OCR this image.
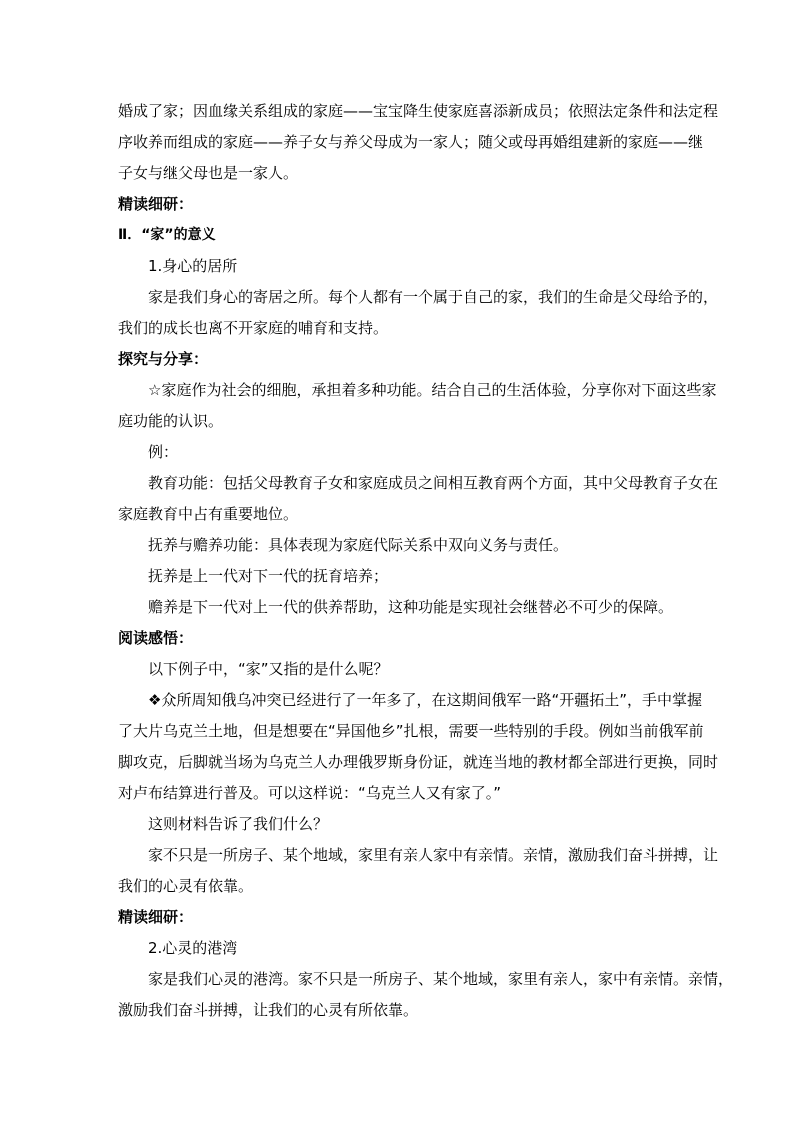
婚成了家；因血缘关系组成的家庭——宝宝降生使家庭喜添新成员；依照法定条件和法定程
序收养而组成的家庭——养子女与养父母成为一家人；随父或母再婚组建新的家庭——继
子女与继父母也是一家人。
精读细研：
Ⅱ．“家”的意义
1.身心的居所
家是我们身心的寄居之所。每个人都有一个属于自己的家，我们的生命是父母给予的，
我们的成长也离不开家庭的哺育和支持。
探究与分享：
☆家庭作为社会的细胞，承担着多种功能。结合自己的生活体验，分享你对下面这些家
庭功能的认识。
例：
教育功能：包括父母教育子女和家庭成员之间相互教育两个方面，其中父母教育子女在
家庭教育中占有重要地位。
抚养与赡养功能：具体表现为家庭代际关系中双向义务与责任。
抚养是上一代对下一代的抚育培养；
赡养是下一代对上一代的供养帮助，这种功能是实现社会继替必不可少的保障。
阅读感悟：
以下例子中，“家”又指的是什么呢？
❖众所周知俄乌冲突已经进行了一年多了，在这期间俄军一路“开疆拓土”，手中掌握
了大片乌克兰土地，但是想要在“异国他乡”扎根，需要一些特别的手段。例如当前俄军前
脚攻克，后脚就当场为乌克兰人办理俄罗斯身份证，就连当地的教材都全部进行更换，同时
对卢布结算进行普及。可以这样说：“乌克兰人又有家了。”
这则材料告诉了我们什么？
家不只是一所房子、某个地域，家里有亲人家中有亲情。亲情，激励我们奋斗拼搏，让
我们的心灵有依靠。
精读细研：
2.心灵的港湾
家是我们心灵的港湾。家不只是一所房子、某个地域，家里有亲人，家中有亲情。亲情，
激励我们奋斗拼搏，让我们的心灵有所依靠。
